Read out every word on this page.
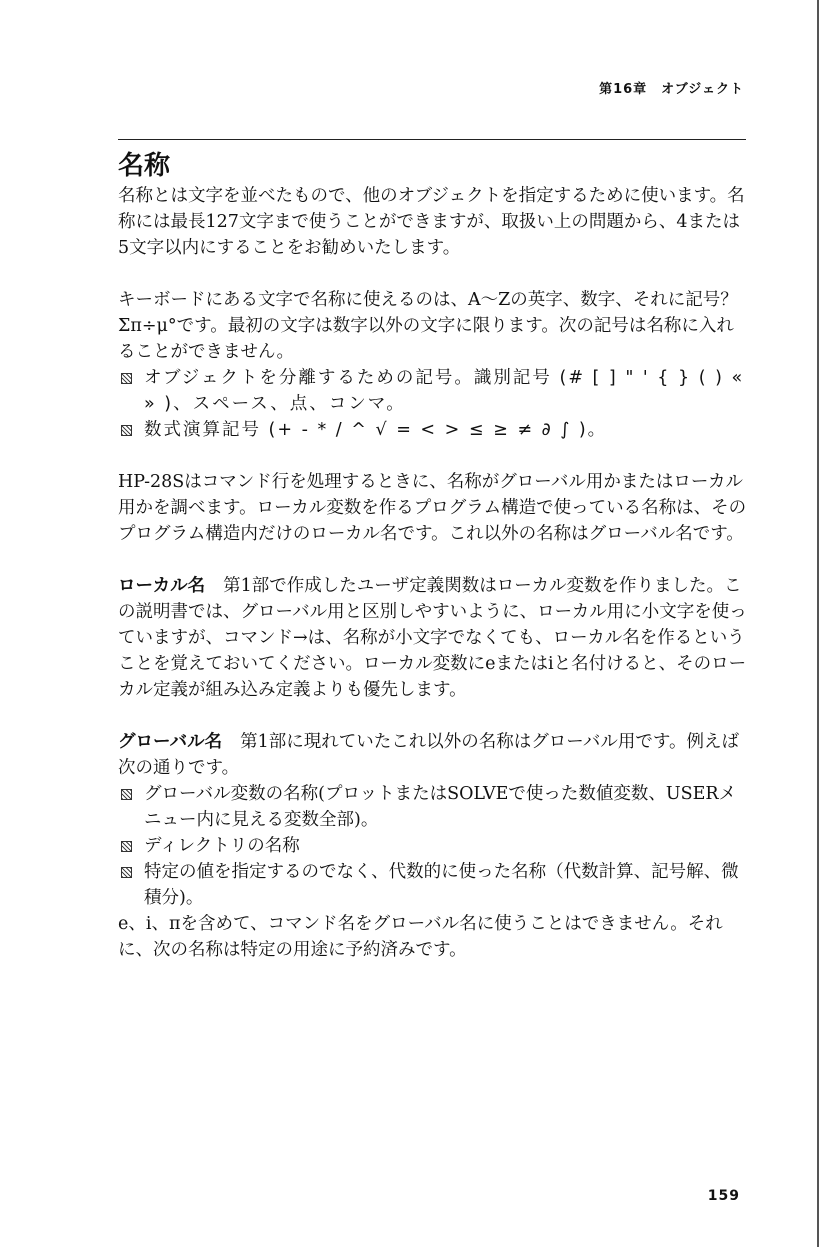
第16章　オブジェクト
名称

名称とは文字を並べたもので、他のオブジェクトを指定するために使います。名称には最長127文字まで使うことができますが、取扱い上の問題から、4または5文字以内にすることをお勧めいたします。

キーボードにある文字で名称に使えるのは、A～Zの英字、数字、それに記号？Σπ÷μ°です。最初の文字は数字以外の文字に限ります。次の記号は名称に入れることができません。

オブジェクトを分離するための記号。識別記号 (# [ ] " ' { } ( ) « » )、スペース、点、コンマ。
数式演算記号 (+ - * / ^ √ = < > ≤ ≥ ≠ ∂ ∫ )。

HP-28Sはコマンド行を処理するときに、名称がグローバル用かまたはローカル用かを調べます。ローカル変数を作るプログラム構造で使っている名称は、そのプログラム構造内だけのローカル名です。これ以外の名称はグローバル名です。

ローカル名 第1部で作成したユーザ定義関数はローカル変数を作りました。この説明書では、グローバル用と区別しやすいように、ローカル用に小文字を使っていますが、コマンド→は、名称が小文字でなくても、ローカル名を作るということを覚えておいてください。ローカル変数にeまたはiと名付けると、そのローカル定義が組み込み定義よりも優先します。

グローバル名 第1部に現れていたこれ以外の名称はグローバル用です。例えば次の通りです。

グローバル変数の名称(プロットまたはSOLVEで使った数値変数、USERメニュー内に見える変数全部)。
ディレクトリの名称
特定の値を指定するのでなく、代数的に使った名称（代数計算、記号解、微積分)。

e、i、πを含めて、コマンド名をグローバル名に使うことはできません。それに、次の名称は特定の用途に予約済みです。

159
